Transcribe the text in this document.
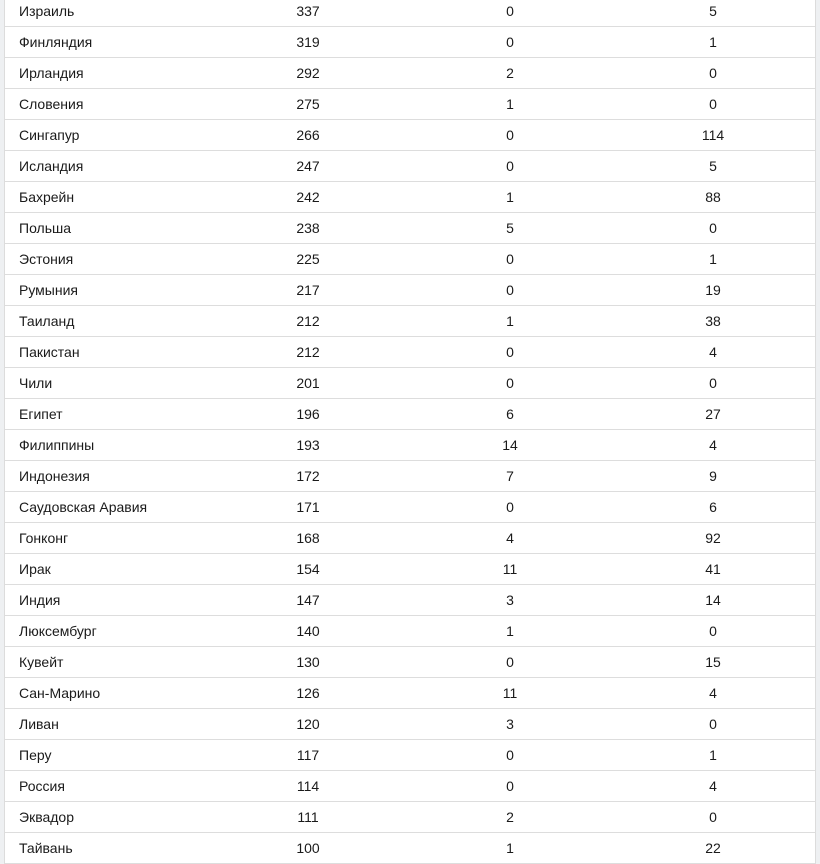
Израиль	337	0	5
Финляндия	319	0	1
Ирландия	292	2	0
Словения	275	1	0
Сингапур	266	0	114
Исландия	247	0	5
Бахрейн	242	1	88
Польша	238	5	0
Эстония	225	0	1
Румыния	217	0	19
Таиланд	212	1	38
Пакистан	212	0	4
Чили	201	0	0
Египет	196	6	27
Филиппины	193	14	4
Индонезия	172	7	9
Саудовская Аравия	171	0	6
Гонконг	168	4	92
Ирак	154	11	41
Индия	147	3	14
Люксембург	140	1	0
Кувейт	130	0	15
Сан-Марино	126	11	4
Ливан	120	3	0
Перу	117	0	1
Россия	114	0	4
Эквадор	111	2	0
Тайвань	100	1	22
